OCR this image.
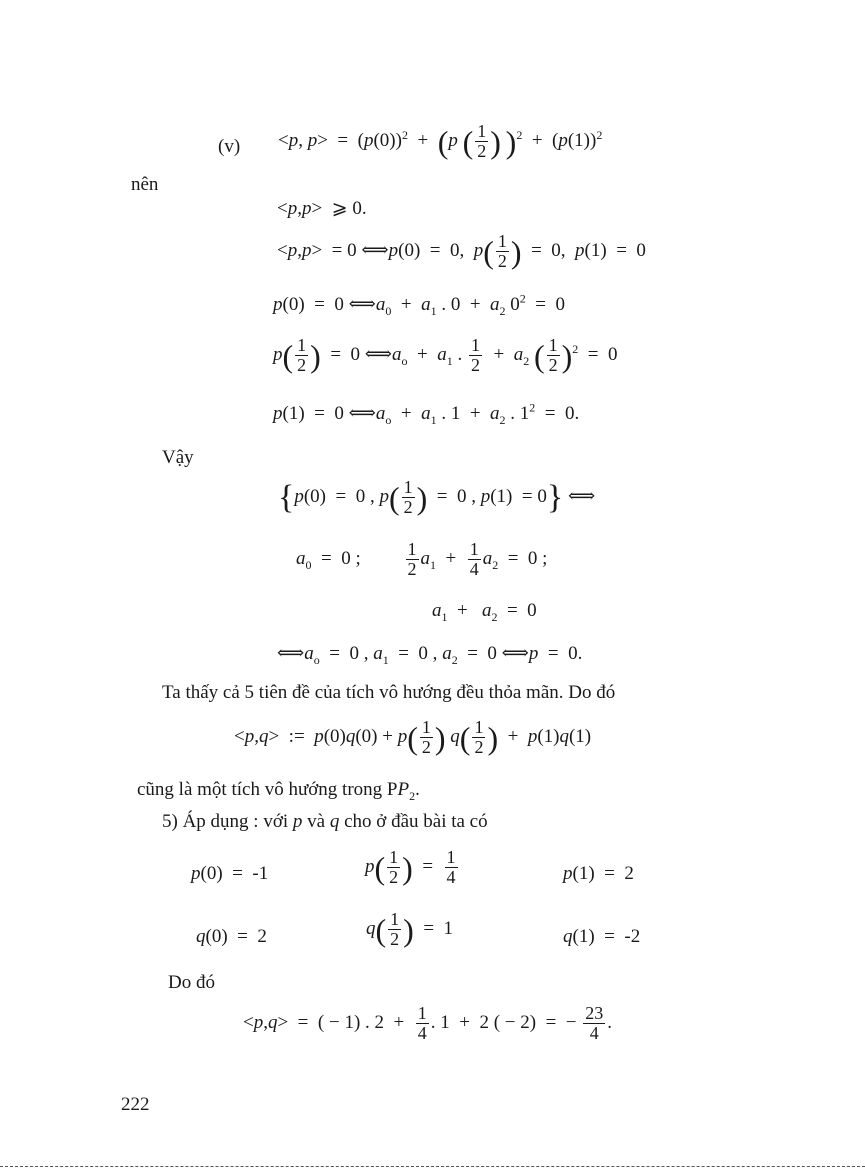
(v) <p, $p> = (p(0))^2 + (p$ ( $\frac{1}{2}$ ) )$^2 + (p(1))^2$
nên
<p,p>  ⩾ 0.
<p,p>  = 0 ⟺p(0)  =  0,  $p( \frac{1}{2}$ )  =  0,  p(1)  =  0
p(0)  =  0 $⟺a_0 + a_1$ . $0 + a_2$ $0^2 = 0$
$p( \frac{1}{2}$ )  =  0 $⟺a_o + a_1$ . $\frac{1}{2} + a_2$ ( $\frac{1}{2} )^2 = 0$
p(1)  =  0 $⟺a_o + a_1$ . $1 + a_2$ . $1^2 = 0$.
Vậy
{p(0)  =  0 , $p( \frac{1}{2}$ )  =  0 , p(1)  = 0} ⟺
$a_0 = 0$ ; $\frac{1}{2} a_1 + \frac{1}{4} a_2 = 0$ ;
$a_1 + a_2 = 0$
$⟺a_o = 0$ , $a_1 = 0$ , $a_2 = 0$ ⟺p  =  0.
Ta thấy cả 5 tiên đề của tích vô hướng đều thỏa mãn. Do đó
<p,q>  :=  $p(0)q(0) + p( \frac{1}{2}$ ) $q( \frac{1}{2}$ )  +  p(1)q(1)
cũng là một tích vô hướng trong $PP_2$.
5) Áp dụng : với p và q cho ở đầu bài ta có
p(0)  =  -1	$p( \frac{1}{2}$ )  = $\frac{1}{4}$	p(1)  =  2
q(0)  =  2	$q( \frac{1}{2}$ )  =  1	q(1)  =  -2
Do đó
<p,q>  =  ( − 1) . $2 + \frac{1}{4}$ . 1  +  2 ( − 2)  =  − $\frac{23}{4}$ .
222
